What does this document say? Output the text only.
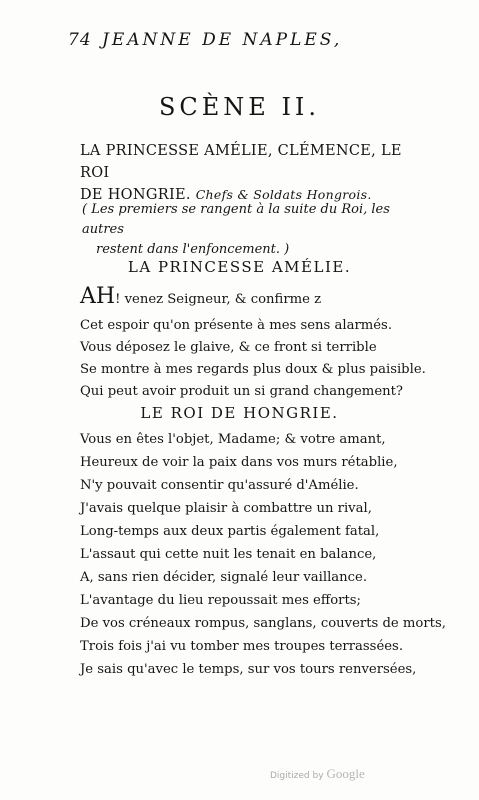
74 JEANNE DE NAPLES,
SCÈNE II.
LA PRINCESSE AMÉLIE, CLÉMENCE, LE ROI
DE HONGRIE. Chefs & Soldats Hongrois.
( Les premiers se rangent à la suite du Roi, les autres
restent dans l'enfoncement. )
LA PRINCESSE AMÉLIE.
AH! venez Seigneur, & confirme z
Cet espoir qu'on présente à mes sens alarmés.
Vous déposez le glaive, & ce front si terrible
Se montre à mes regards plus doux & plus paisible.
Qui peut avoir produit un si grand changement?
LE ROI DE HONGRIE.
Vous en êtes l'objet, Madame; & votre amant,
Heureux de voir la paix dans vos murs rétablie,
N'y pouvait consentir qu'assuré d'Amélie.
J'avais quelque plaisir à combattre un rival,
Long-temps aux deux partis également fatal,
L'assaut qui cette nuit les tenait en balance,
A, sans rien décider, signalé leur vaillance.
L'avantage du lieu repoussait mes efforts;
De vos créneaux rompus, sanglans, couverts de morts,
Trois fois j'ai vu tomber mes troupes terrassées.
Je sais qu'avec le temps, sur vos tours renversées,
Digitized by Google
